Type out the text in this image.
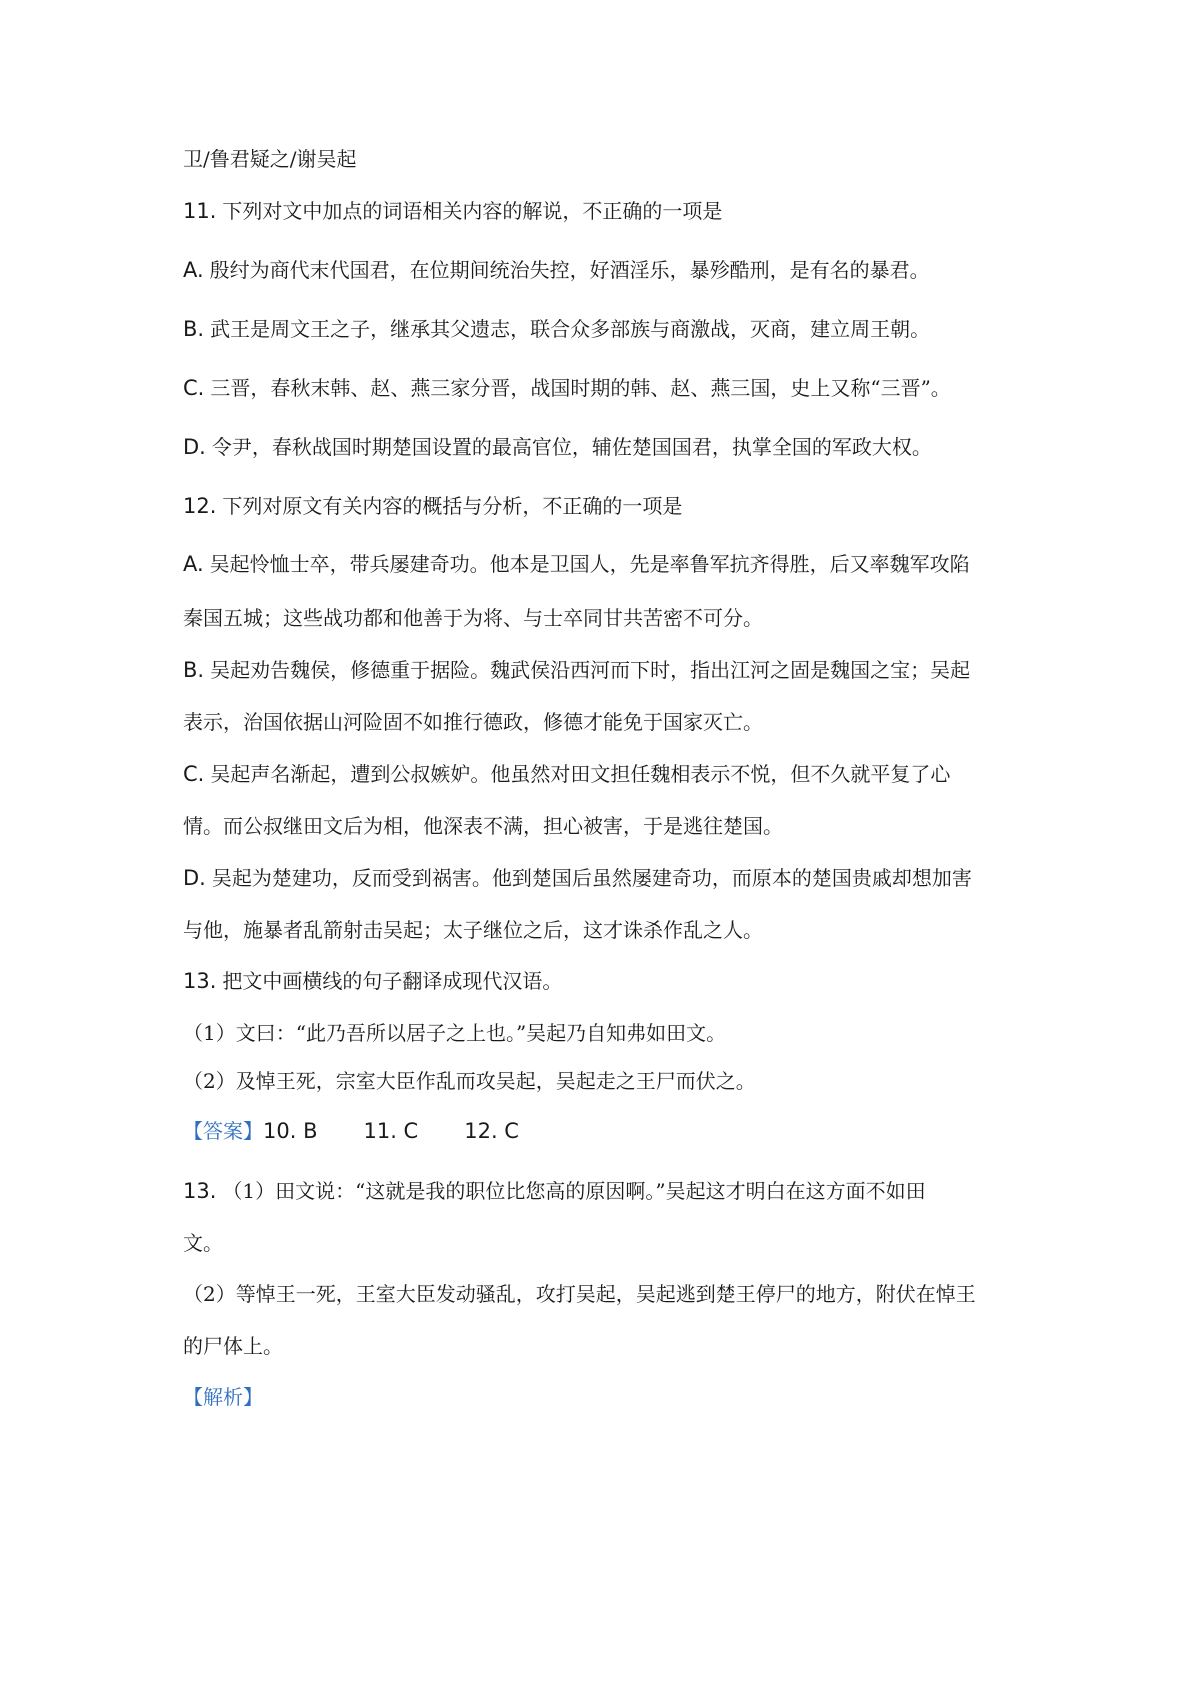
卫/鲁君疑之/谢吴起
11. 下列对文中加点的词语相关内容的解说，不正确的一项是
A. 殷纣为商代末代国君，在位期间统治失控，好酒淫乐，暴殄酷刑，是有名的暴君。
B. 武王是周文王之子，继承其父遗志，联合众多部族与商激战，灭商，建立周王朝。
C. 三晋，春秋末韩、赵、燕三家分晋，战国时期的韩、赵、燕三国，史上又称“三晋”。
D. 令尹，春秋战国时期楚国设置的最高官位，辅佐楚国国君，执掌全国的军政大权。
12. 下列对原文有关内容的概括与分析，不正确的一项是
A. 吴起怜恤士卒，带兵屡建奇功。他本是卫国人，先是率鲁军抗齐得胜，后又率魏军攻陷
秦国五城；这些战功都和他善于为将、与士卒同甘共苦密不可分。
B. 吴起劝告魏侯，修德重于据险。魏武侯沿西河而下时，指出江河之固是魏国之宝；吴起
表示，治国依据山河险固不如推行德政，修德才能免于国家灭亡。
C. 吴起声名渐起，遭到公叔嫉妒。他虽然对田文担任魏相表示不悦，但不久就平复了心
情。而公叔继田文后为相，他深表不满，担心被害，于是逃往楚国。
D. 吴起为楚建功，反而受到祸害。他到楚国后虽然屡建奇功，而原本的楚国贵戚却想加害
与他，施暴者乱箭射击吴起；太子继位之后，这才诛杀作乱之人。
13. 把文中画横线的句子翻译成现代汉语。
（1）文曰：“此乃吾所以居子之上也。”吴起乃自知弗如田文。
（2）及悼王死，宗室大臣作乱而攻吴起，吴起走之王尸而伏之。
【答案】10. B 11. C 12. C
13. （1）田文说：“这就是我的职位比您高的原因啊。”吴起这才明白在这方面不如田
文。
（2）等悼王一死，王室大臣发动骚乱，攻打吴起，吴起逃到楚王停尸的地方，附伏在悼王
的尸体上。
【解析】
